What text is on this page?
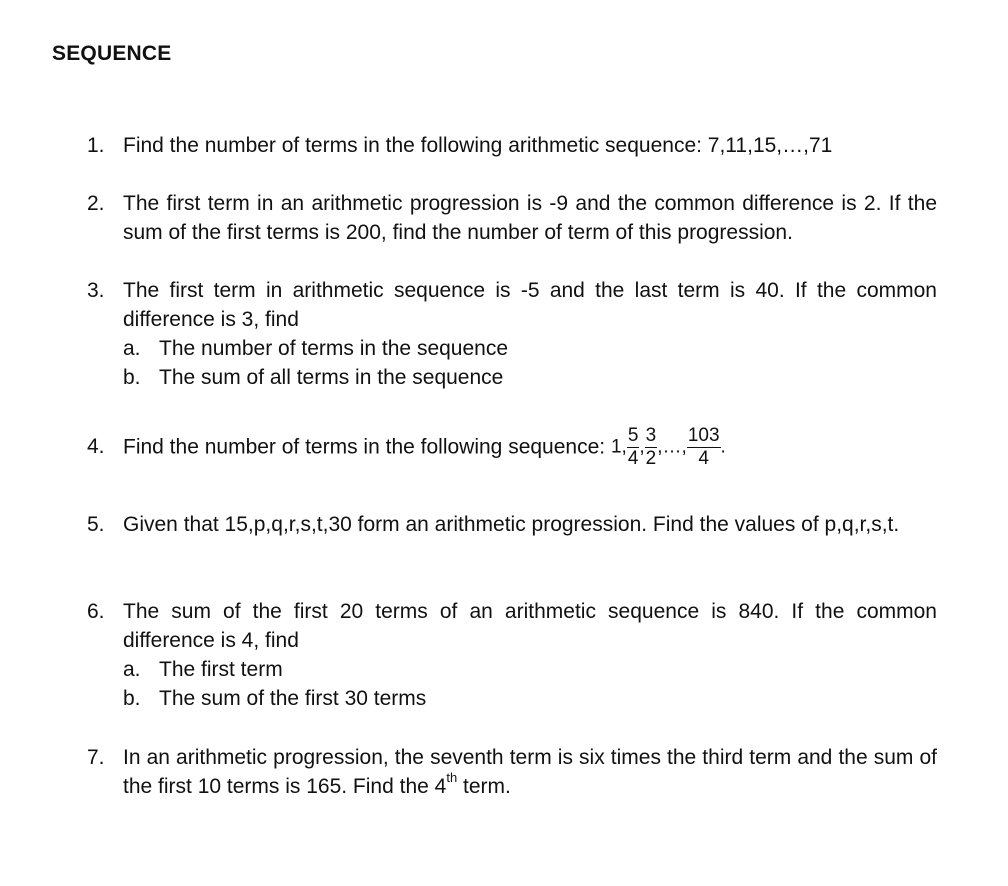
SEQUENCE
1. Find the number of terms in the following arithmetic sequence: 7,11,15,…,71
2. The first term in an arithmetic progression is -9 and the common difference is 2. If the sum of the first terms is 200, find the number of term of this progression.
3. The first term in arithmetic sequence is -5 and the last term is 40. If the common difference is 3, find
a. The number of terms in the sequence
b. The sum of all terms in the sequence
4. Find the number of terms in the following sequence: 1, $\frac{5}{4}$ , $\frac{3}{2}$ ,…, $\frac{103}{4}$ .
5. Given that 15,p,q,r,s,t,30 form an arithmetic progression. Find the values of p,q,r,s,t.
6. The sum of the first 20 terms of an arithmetic sequence is 840. If the common difference is 4, find
a. The first term
b. The sum of the first 30 terms
7. In an arithmetic progression, the seventh term is six times the third term and the sum of the first 10 terms is 165. Find the 4th term.
